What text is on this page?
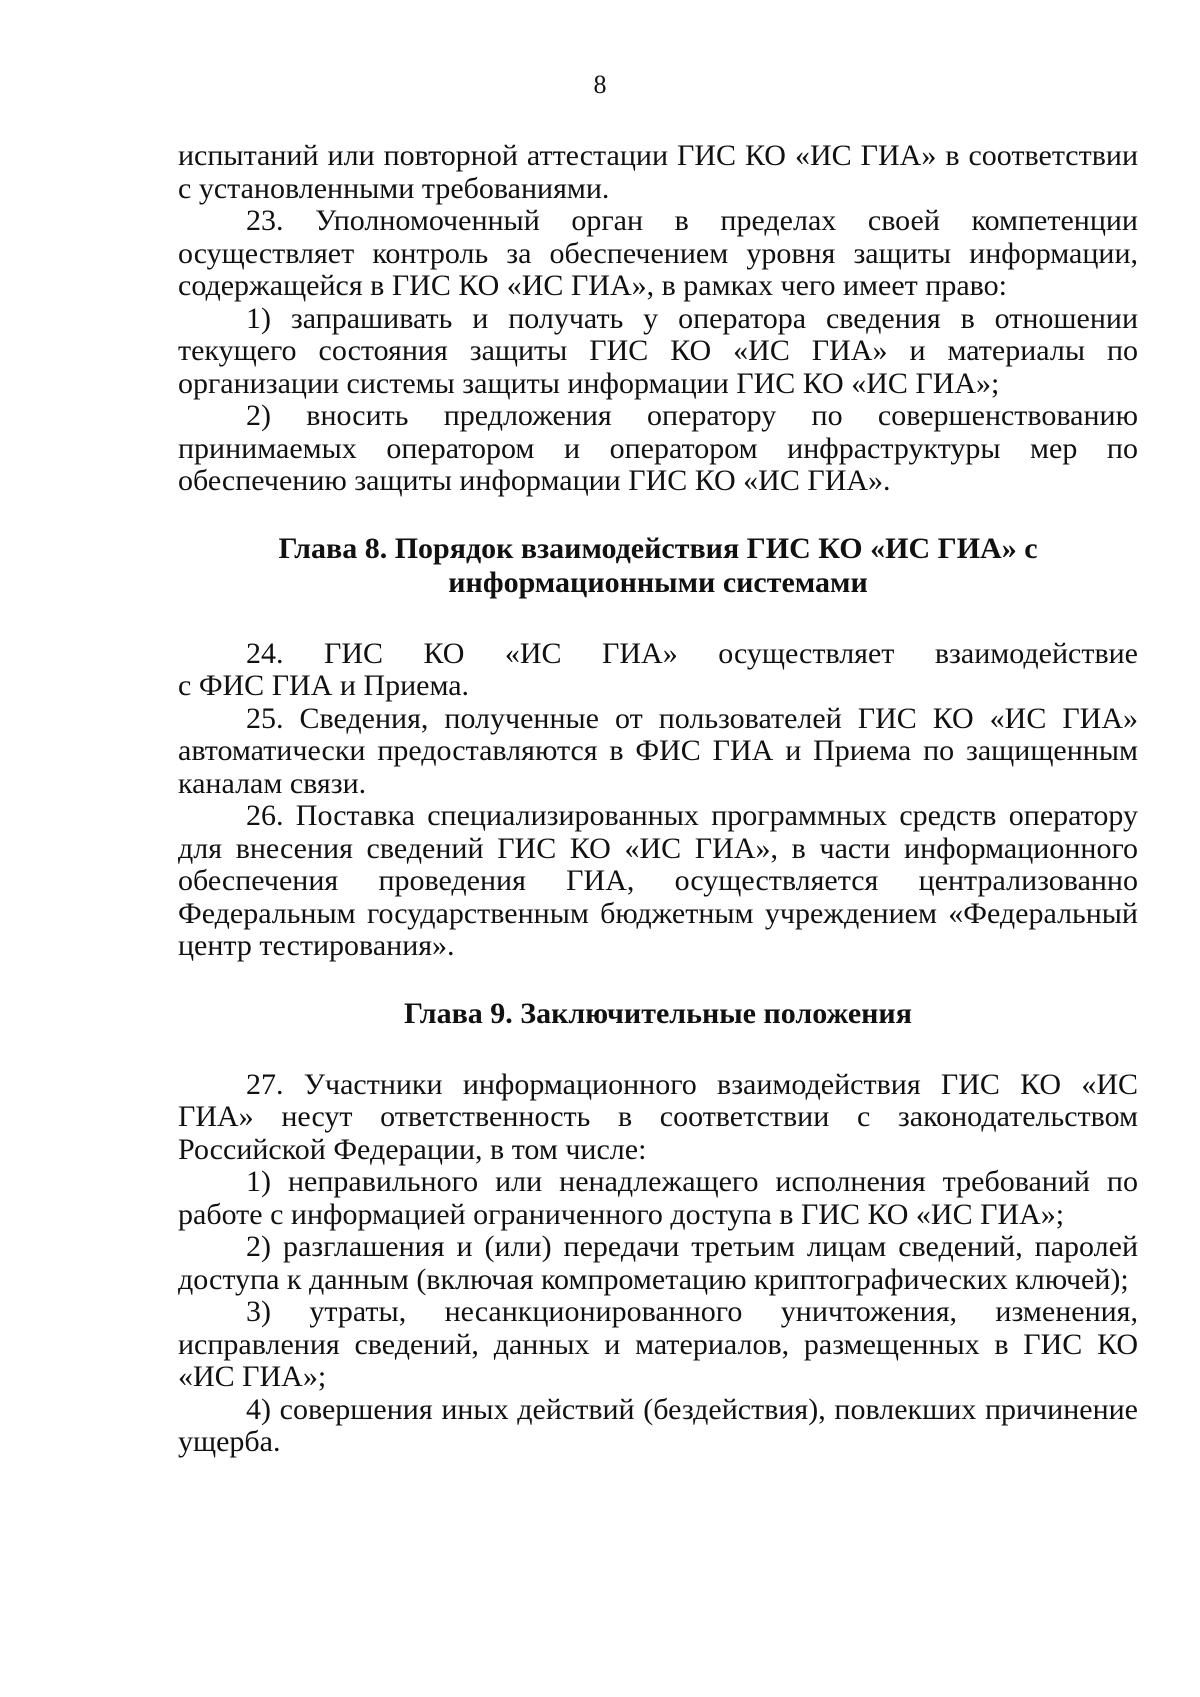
8

испытаний или повторной аттестации ГИС КО «ИС ГИА» в соответствии с установленными требованиями.

23. Уполномоченный орган в пределах своей компетенции осуществляет контроль за обеспечением уровня защиты информации, содержащейся в ГИС КО «ИС ГИА», в рамках чего имеет право:

1) запрашивать и получать у оператора сведения в отношении текущего состояния защиты ГИС КО «ИС ГИА» и материалы по организации системы защиты информации ГИС КО «ИС ГИА»;

2) вносить предложения оператору по совершенствованию принимаемых оператором и оператором инфраструктуры мер по обеспечению защиты информации ГИС КО «ИС ГИА».

Глава 8. Порядок взаимодействия ГИС КО «ИС ГИА» с
информационными системами

24. ГИС КО «ИС ГИА» осуществляет взаимодействие

с ФИС ГИА и Приема.

25. Сведения, полученные от пользователей ГИС КО «ИС ГИА» автоматически предоставляются в ФИС ГИА и Приема по защищенным каналам связи.

26. Поставка специализированных программных средств оператору для внесения сведений ГИС КО «ИС ГИА», в части информационного обеспечения проведения ГИА, осуществляется централизованно Федеральным государственным бюджетным учреждением «Федеральный центр тестирования».

Глава 9. Заключительные положения

27. Участники информационного взаимодействия ГИС КО «ИС ГИА» несут ответственность в соответствии с законодательством Российской Федерации, в том числе:

1) неправильного или ненадлежащего исполнения требований по работе с информацией ограниченного доступа в ГИС КО «ИС ГИА»;

2) разглашения и (или) передачи третьим лицам сведений, паролей доступа к данным (включая компрометацию криптографических ключей);

3) утраты, несанкционированного уничтожения, изменения, исправления сведений, данных и материалов, размещенных в ГИС КО «ИС ГИА»;

4) совершения иных действий (бездействия), повлекших причинение ущерба.
